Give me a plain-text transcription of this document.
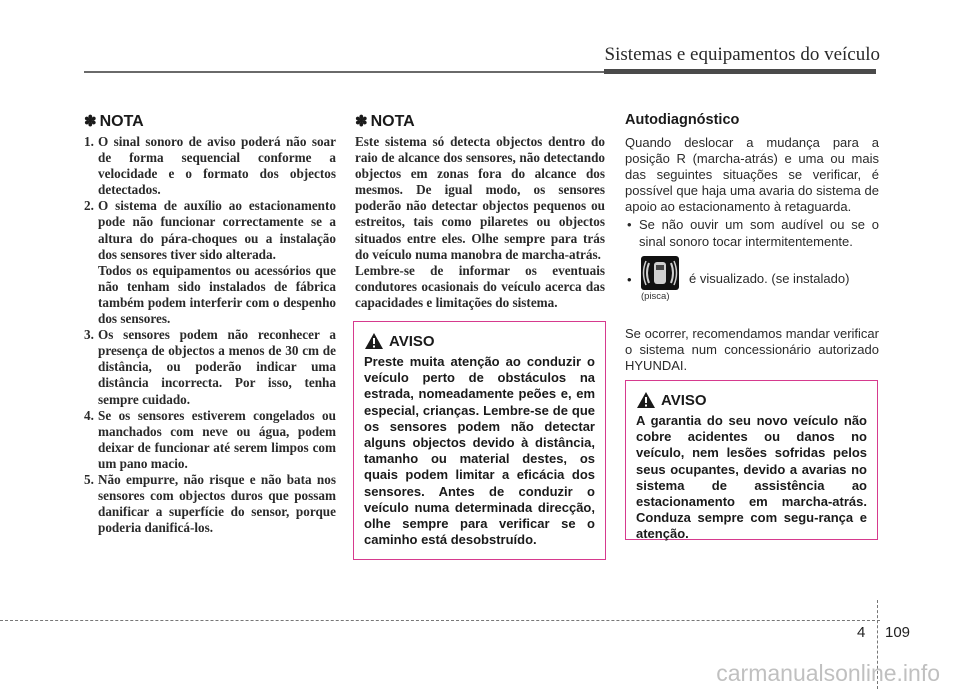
Sistemas e equipamentos do veículo
✽ NOTA
1. O sinal sonoro de aviso poderá não soar de forma sequencial conforme a velocidade e o formato dos objectos detectados.

2. O sistema de auxílio ao estacionamento pode não funcionar correctamente se a altura do pára-choques ou a instalação dos sensores tiver sido alterada.

Todos os equipamentos ou acessórios que não tenham sido instalados de fábrica também podem interferir com o despenho dos sensores.

3. Os sensores podem não reconhecer a presença de objectos a menos de 30 cm de distância, ou poderão indicar uma distância incorrecta. Por isso, tenha sempre cuidado.

4. Se os sensores estiverem congelados ou manchados com neve ou água, podem deixar de funcionar até serem limpos com um pano macio.

5. Não empurre, não risque e não bata nos sensores com objectos duros que possam danificar a superfície do sensor, porque poderia danificá-los.

✽ NOTA
Este sistema só detecta objectos dentro do raio de alcance dos sensores, não detectando objectos em zonas fora do alcance dos mesmos. De igual modo, os sensores poderão não detectar objectos pequenos ou estreitos, tais como pilaretes ou objectos situados entre eles. Olhe sempre para trás do veículo numa manobra de marcha-atrás.
Lembre-se de informar os eventuais condutores ocasionais do veículo acerca das capacidades e limitações do sistema.
AVISO

Preste muita atenção ao conduzir o veículo perto de obstáculos na estrada, nomeadamente peões e, em especial, crianças. Lembre-se de que os sensores podem não detectar alguns objectos devido à distância, tamanho ou material destes, os quais podem limitar a eficácia dos sensores. Antes de conduzir o veículo numa determinada direcção, olhe sempre para verificar se o caminho está desobstruído.

Autodiagnóstico

Quando deslocar a mudança para a posição R (marcha-atrás) e uma ou mais das seguintes situações se verificar, é possível que haja uma avaria do sistema de apoio ao estacionamento à retaguarda.

• Se não ouvir um som audível ou se o sinal sonoro tocar intermitentemente.
•
(pisca)
é visualizado. (se instalado)

Se ocorrer, recomendamos mandar verificar o sistema num concessionário autorizado HYUNDAI.

AVISO

A garantia do seu novo veículo não cobre acidentes ou danos no veículo, nem lesões sofridas pelos seus ocupantes, devido a avarias no sistema de assistência ao estacionamento em marcha-atrás. Conduza sempre com segu-rança e atenção.

4 109
carmanualsonline.info
